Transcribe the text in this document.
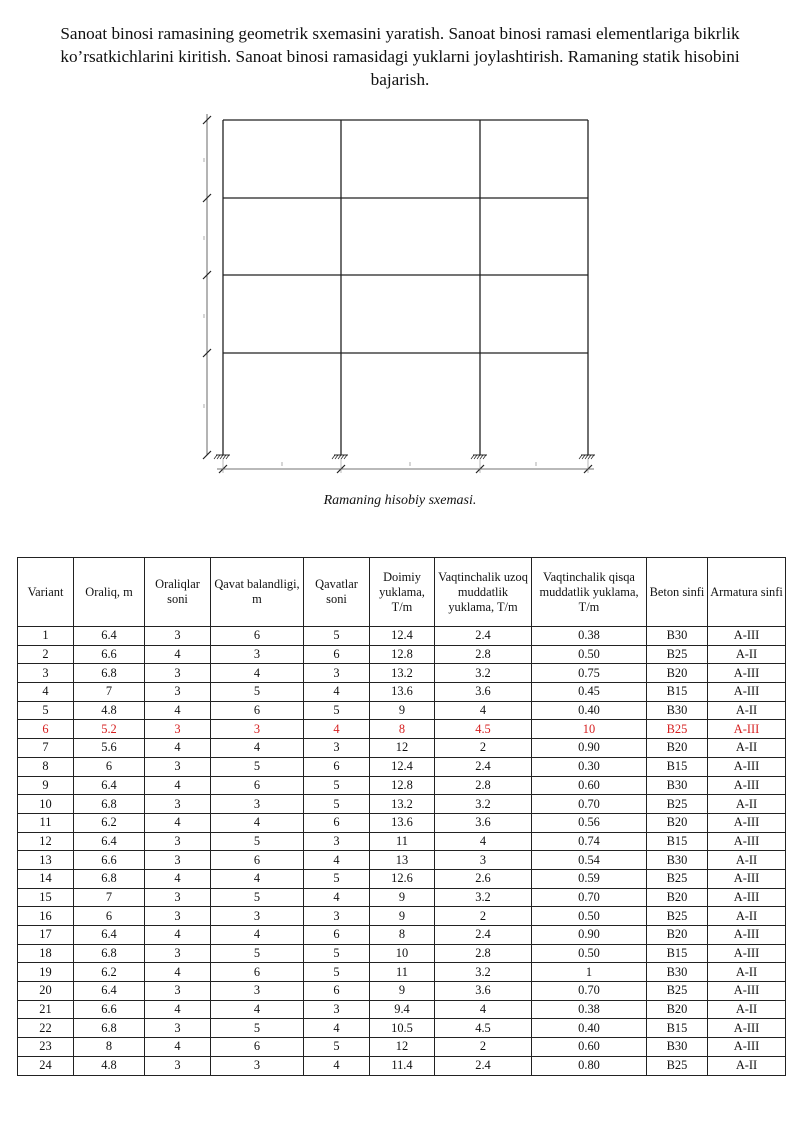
Sanoat binosi ramasining geometrik sxemasini yaratish. Sanoat binosi ramasi elementlariga bikrlik ko’rsatkichlarini kiritish. Sanoat binosi ramasidagi yuklarni joylashtirish. Ramaning statik hisobini bajarish.
Ramaning hisobiy sxemasi.
Variant	Oraliq, m	Oraliqlar soni	Qavat balandligi, m	Qavatlar soni	Doimiy yuklama, T/m	Vaqtinchalik uzoq muddatlik yuklama, T/m	Vaqtinchalik qisqa muddatlik yuklama, T/m	Beton sinfi	Armatura sinfi
1	6.4	3	6	5	12.4	2.4	0.38	B30	A-III
2	6.6	4	3	6	12.8	2.8	0.50	B25	A-II
3	6.8	3	4	3	13.2	3.2	0.75	B20	A-III
4	7	3	5	4	13.6	3.6	0.45	B15	A-III
5	4.8	4	6	5	9	4	0.40	B30	A-II
6	5.2	3	3	4	8	4.5	10	B25	A-III
7	5.6	4	4	3	12	2	0.90	B20	A-II
8	6	3	5	6	12.4	2.4	0.30	B15	A-III
9	6.4	4	6	5	12.8	2.8	0.60	B30	A-III
10	6.8	3	3	5	13.2	3.2	0.70	B25	A-II
11	6.2	4	4	6	13.6	3.6	0.56	B20	A-III
12	6.4	3	5	3	11	4	0.74	B15	A-III
13	6.6	3	6	4	13	3	0.54	B30	A-II
14	6.8	4	4	5	12.6	2.6	0.59	B25	A-III
15	7	3	5	4	9	3.2	0.70	B20	A-III
16	6	3	3	3	9	2	0.50	B25	A-II
17	6.4	4	4	6	8	2.4	0.90	B20	A-III
18	6.8	3	5	5	10	2.8	0.50	B15	A-III
19	6.2	4	6	5	11	3.2	1	B30	A-II
20	6.4	3	3	6	9	3.6	0.70	B25	A-III
21	6.6	4	4	3	9.4	4	0.38	B20	A-II
22	6.8	3	5	4	10.5	4.5	0.40	B15	A-III
23	8	4	6	5	12	2	0.60	B30	A-III
24	4.8	3	3	4	11.4	2.4	0.80	B25	A-II
